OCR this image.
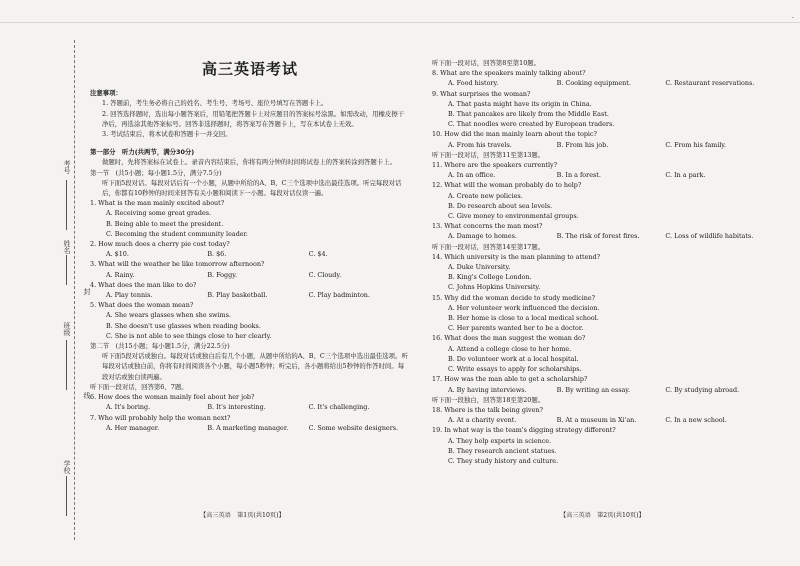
·
考号
姓名
封
班级
线
学校
高三英语考试
注意事项：

1. 答题前，考生务必将自己的姓名、考生号、考场号、座位号填写在答题卡上。

2. 回答选择题时，选出每小题答案后，用铅笔把答题卡上对应题目的答案标号涂黑。如需改动，用橡皮擦干净后，再选涂其他答案标号。回答非选择题时，将答案写在答题卡上，写在本试卷上无效。

3. 考试结束后，将本试卷和答题卡一并交回。

第一部分　听力(共两节，满分30分)

做题时，先将答案标在试卷上。录音内容结束后，你将有两分钟的时间将试卷上的答案转涂到答题卡上。

第一节　(共5小题；每小题1.5分，满分7.5分)

听下面5段对话。每段对话后有一个小题，从题中所给的A、B、C三个选项中选出最佳选项。听完每段对话后，你都有10秒钟的时间来回答有关小题和阅读下一小题。每段对话仅读一遍。

1. What is the man mainly excited about?
A. Receiving some great grades.
B. Being able to meet the president.
C. Becoming the student community leader.
2. How much does a cherry pie cost today?
A. $10.	B. $6.	C. $4.
3. What will the weather be like tomorrow afternoon?
A. Rainy.	B. Foggy.	C. Cloudy.
4. What does the man like to do?
A. Play tennis.	B. Play basketball.	C. Play badminton.
5. What does the woman mean?
A. She wears glasses when she swims.
B. She doesn't use glasses when reading books.
C. She is not able to see things close to her clearly.
第二节　(共15小题；每小题1.5分，满分22.5分)

听下面5段对话或独白。每段对话或独白后有几个小题，从题中所给的A、B、C三个选项中选出最佳选项。听每段对话或独白前，你将有时间阅读各个小题，每小题5秒钟；听完后，各小题将给出5秒钟的作答时间。每段对话或独白读两遍。

听下面一段对话，回答第6、7题。
6. How does the woman mainly feel about her job?
A. It's boring.	B. It's interesting.	C. It's challenging.
7. Who will probably help the woman next?
A. Her manager.	B. A marketing manager.	C. Some website designers.
【高三英语　第1页(共10页)】
听下面一段对话，回答第8至第10题。
8. What are the speakers mainly talking about?
A. Food history.	B. Cooking equipment.	C. Restaurant reservations.
9. What surprises the woman?
A. That pasta might have its origin in China.
B. That pancakes are likely from the Middle East.
C. That noodles were created by European traders.
10. How did the man mainly learn about the topic?
A. From his travels.	B. From his job.	C. From his family.
听下面一段对话，回答第11至第13题。
11. Where are the speakers currently?
A. In an office.	B. In a forest.	C. In a park.
12. What will the woman probably do to help?
A. Create new policies.
B. Do research about sea levels.
C. Give money to environmental groups.
13. What concerns the man most?
A. Damage to homes.	B. The risk of forest fires.	C. Loss of wildlife habitats.
听下面一段对话，回答第14至第17题。
14. Which university is the man planning to attend?
A. Duke University.
B. King's College London.
C. Johns Hopkins University.
15. Why did the woman decide to study medicine?
A. Her volunteer work influenced the decision.
B. Her home is close to a local medical school.
C. Her parents wanted her to be a doctor.
16. What does the man suggest the woman do?
A. Attend a college close to her home.
B. Do volunteer work at a local hospital.
C. Write essays to apply for scholarships.
17. How was the man able to get a scholarship?
A. By having interviews.	B. By writing an essay.	C. By studying abroad.
听下面一段独白，回答第18至第20题。
18. Where is the talk being given?
A. At a charity event.	B. At a museum in Xi'an.	C. In a new school.
19. In what way is the team's digging strategy different?
A. They help experts in science.
B. They research ancient statues.
C. They study history and culture.
【高三英语　第2页(共10页)】
